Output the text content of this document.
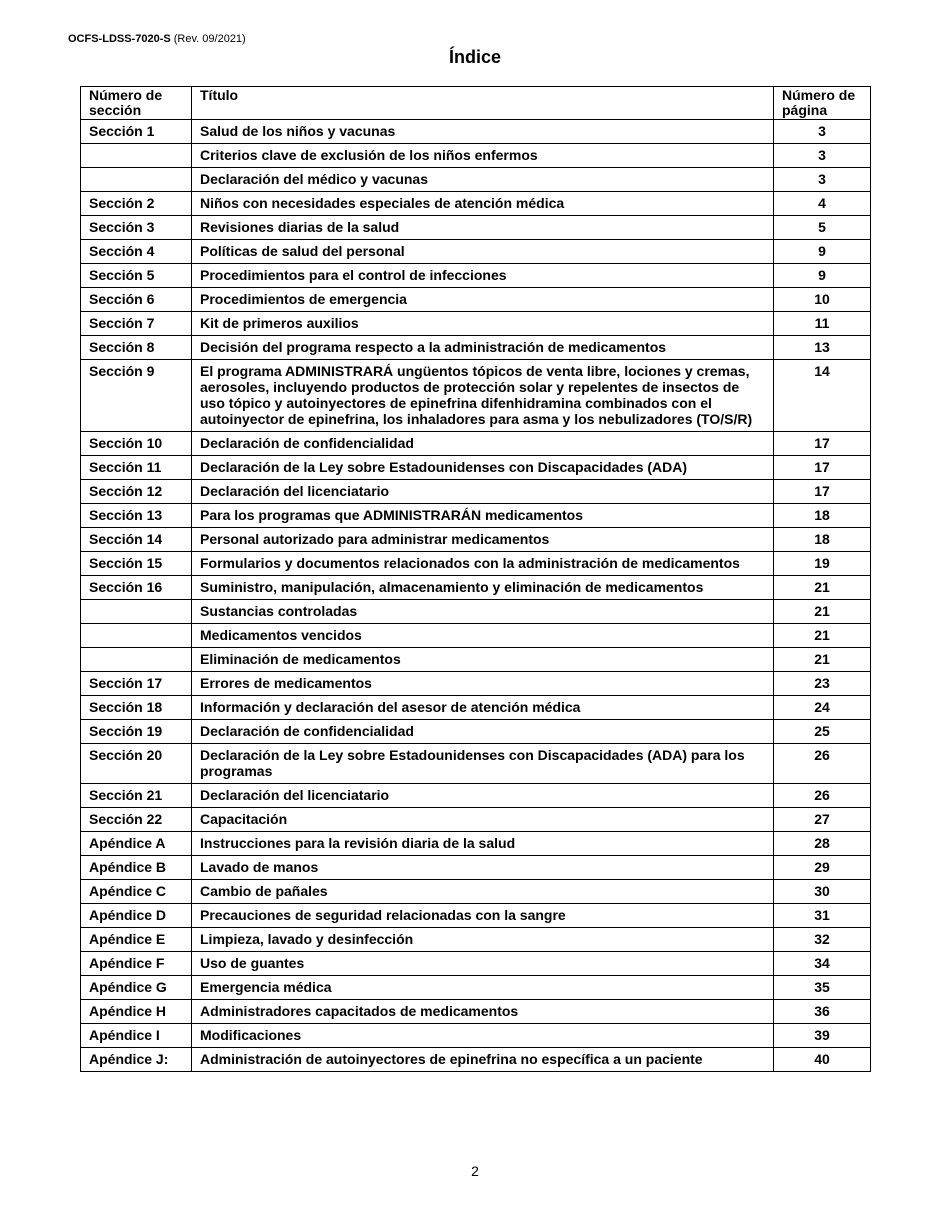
OCFS-LDSS-7020-S (Rev. 09/2021)
Índice
Número de sección	Título	Número de página
Sección 1	Salud de los niños y vacunas	3
	Criterios clave de exclusión de los niños enfermos	3
	Declaración del médico y vacunas	3
Sección 2	Niños con necesidades especiales de atención médica	4
Sección 3	Revisiones diarias de la salud	5
Sección 4	Políticas de salud del personal	9
Sección 5	Procedimientos para el control de infecciones	9
Sección 6	Procedimientos de emergencia	10
Sección 7	Kit de primeros auxilios	11
Sección 8	Decisión del programa respecto a la administración de medicamentos	13
Sección 9	El programa ADMINISTRARÁ ungüentos tópicos de venta libre, lociones y cremas, aerosoles, incluyendo productos de protección solar y repelentes de insectos de uso tópico y autoinyectores de epinefrina difenhidramina combinados con el autoinyector de epinefrina, los inhaladores para asma y los nebulizadores (TO/S/R)	14
Sección 10	Declaración de confidencialidad	17
Sección 11	Declaración de la Ley sobre Estadounidenses con Discapacidades (ADA)	17
Sección 12	Declaración del licenciatario	17
Sección 13	Para los programas que ADMINISTRARÁN medicamentos	18
Sección 14	Personal autorizado para administrar medicamentos	18
Sección 15	Formularios y documentos relacionados con la administración de medicamentos	19
Sección 16	Suministro, manipulación, almacenamiento y eliminación de medicamentos	21
	Sustancias controladas	21
	Medicamentos vencidos	21
	Eliminación de medicamentos	21
Sección 17	Errores de medicamentos	23
Sección 18	Información y declaración del asesor de atención médica	24
Sección 19	Declaración de confidencialidad	25
Sección 20	Declaración de la Ley sobre Estadounidenses con Discapacidades (ADA) para los programas	26
Sección 21	Declaración del licenciatario	26
Sección 22	Capacitación	27
Apéndice A	Instrucciones para la revisión diaria de la salud	28
Apéndice B	Lavado de manos	29
Apéndice C	Cambio de pañales	30
Apéndice D	Precauciones de seguridad relacionadas con la sangre	31
Apéndice E	Limpieza, lavado y desinfección	32
Apéndice F	Uso de guantes	34
Apéndice G	Emergencia médica	35
Apéndice H	Administradores capacitados de medicamentos	36
Apéndice I	Modificaciones	39
Apéndice J:	Administración de autoinyectores de epinefrina no específica a un paciente	40
2
